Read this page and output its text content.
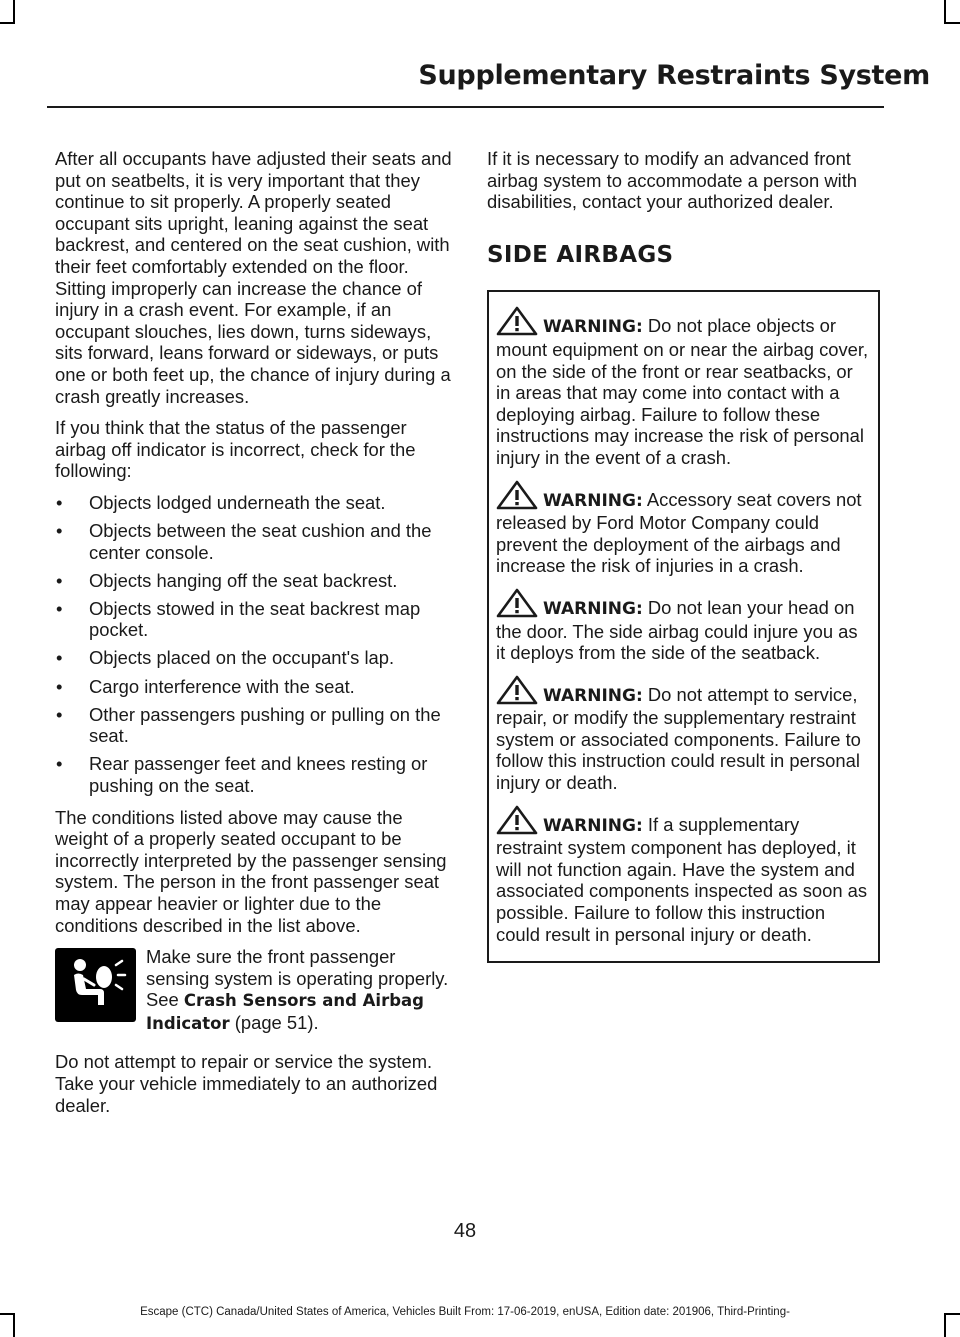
Supplementary Restraints System

After all occupants have adjusted their seats and put on seatbelts, it is very important that they continue to sit properly. A properly seated occupant sits upright, leaning against the seat backrest, and centered on the seat cushion, with their feet comfortably extended on the floor. Sitting improperly can increase the chance of injury in a crash event. For example, if an occupant slouches, lies down, turns sideways, sits forward, leans forward or sideways, or puts one or both feet up, the chance of injury during a crash greatly increases.

If you think that the status of the passenger airbag off indicator is incorrect, check for the following:

• Objects lodged underneath the seat.
• Objects between the seat cushion and the center console.
• Objects hanging off the seat backrest.
• Objects stowed in the seat backrest map pocket.
• Objects placed on the occupant's lap.
• Cargo interference with the seat.
• Other passengers pushing or pulling on the seat.
• Rear passenger feet and knees resting or pushing on the seat.

The conditions listed above may cause the weight of a properly seated occupant to be incorrectly interpreted by the passenger sensing system. The person in the front passenger seat may appear heavier or lighter due to the conditions described in the list above.

Make sure the front passenger sensing system is operating properly. See Crash Sensors and Airbag Indicator (page 51).

Do not attempt to repair or service the system. Take your vehicle immediately to an authorized dealer.

If it is necessary to modify an advanced front airbag system to accommodate a person with disabilities, contact your authorized dealer.

SIDE AIRBAGS
WARNING: Do not place objects or mount equipment on or near the airbag cover, on the side of the front or rear seatbacks, or in areas that may come into contact with a deploying airbag. Failure to follow these instructions may increase the risk of personal injury in the event of a crash.
WARNING: Accessory seat covers not released by Ford Motor Company could prevent the deployment of the airbags and increase the risk of injuries in a crash.
WARNING: Do not lean your head on the door. The side airbag could injure you as it deploys from the side of the seatback.
WARNING: Do not attempt to service, repair, or modify the supplementary restraint system or associated components. Failure to follow this instruction could result in personal injury or death.
WARNING: If a supplementary restraint system component has deployed, it will not function again. Have the system and associated components inspected as soon as possible. Failure to follow this instruction could result in personal injury or death.
48
Escape (CTC) Canada/United States of America, Vehicles Built From: 17-06-2019, enUSA, Edition date: 201906, Third-Printing-
